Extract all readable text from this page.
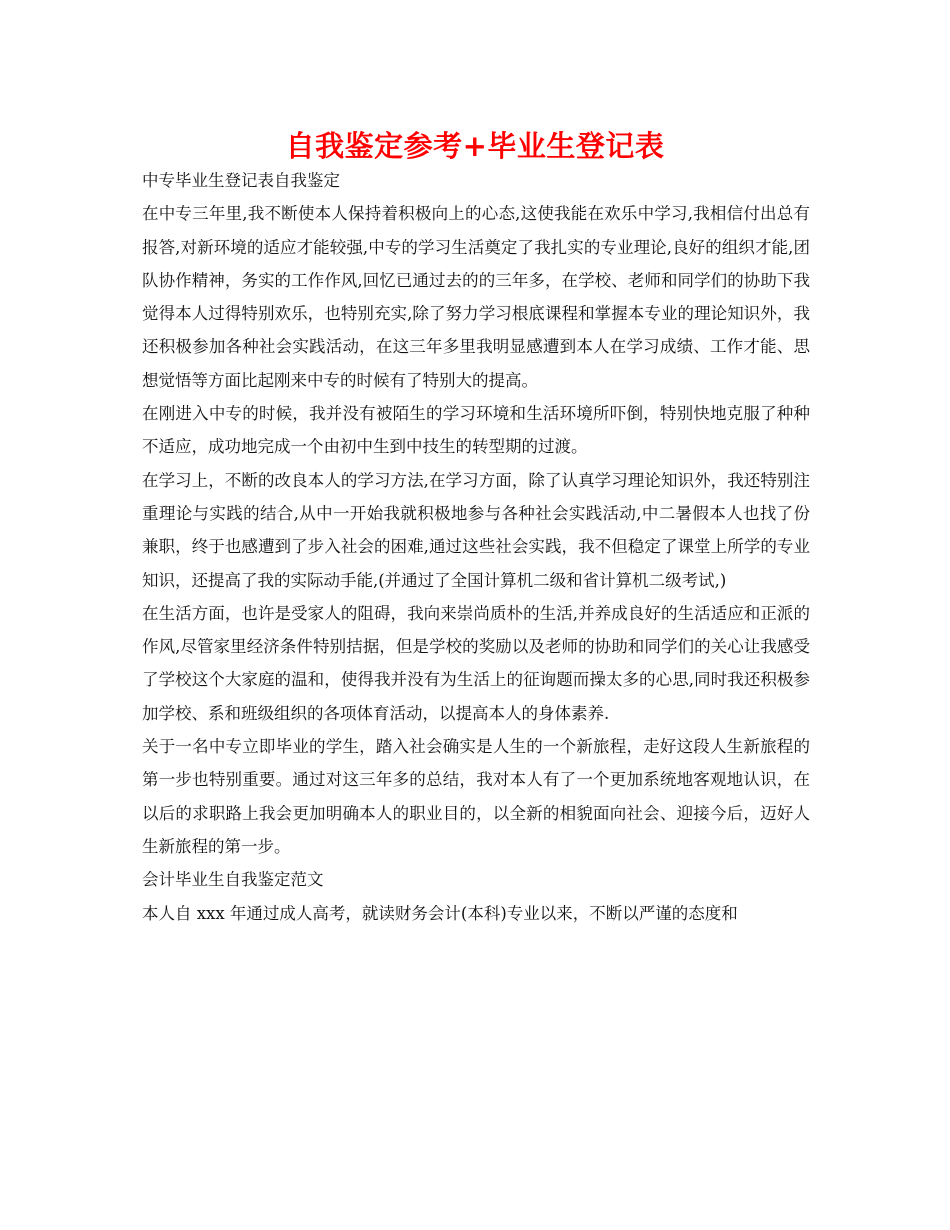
自我鉴定参考+毕业生登记表

中专毕业生登记表自我鉴定

在中专三年里,我不断使本人保持着积极向上的心态,这使我能在欢乐中学习,我相信付出总有报答,对新环境的适应才能较强,中专的学习生活奠定了我扎实的专业理论,良好的组织才能,团队协作精神，务实的工作作风,回忆已通过去的的三年多，在学校、老师和同学们的协助下我觉得本人过得特别欢乐，也特别充实,除了努力学习根底课程和掌握本专业的理论知识外，我还积极参加各种社会实践活动，在这三年多里我明显感遭到本人在学习成绩、工作才能、思想觉悟等方面比起刚来中专的时候有了特别大的提高。

在刚进入中专的时候，我并没有被陌生的学习环境和生活环境所吓倒，特别快地克服了种种不适应，成功地完成一个由初中生到中技生的转型期的过渡。

在学习上，不断的改良本人的学习方法,在学习方面，除了认真学习理论知识外，我还特别注重理论与实践的结合,从中一开始我就积极地参与各种社会实践活动,中二暑假本人也找了份兼职，终于也感遭到了步入社会的困难,通过这些社会实践，我不但稳定了课堂上所学的专业知识，还提高了我的实际动手能,(并通过了全国计算机二级和省计算机二级考试,)

在生活方面，也许是受家人的阻碍，我向来崇尚质朴的生活,并养成良好的生活适应和正派的作风,尽管家里经济条件特别拮据，但是学校的奖励以及老师的协助和同学们的关心让我感受了学校这个大家庭的温和，使得我并没有为生活上的征询题而操太多的心思,同时我还积极参加学校、系和班级组织的各项体育活动，以提高本人的身体素养.

关于一名中专立即毕业的学生，踏入社会确实是人生的一个新旅程，走好这段人生新旅程的第一步也特别重要。通过对这三年多的总结，我对本人有了一个更加系统地客观地认识，在以后的求职路上我会更加明确本人的职业目的，以全新的相貌面向社会、迎接今后，迈好人生新旅程的第一步。

会计毕业生自我鉴定范文

本人自 xxx 年通过成人高考，就读财务会计(本科)专业以来，不断以严谨的态度和
